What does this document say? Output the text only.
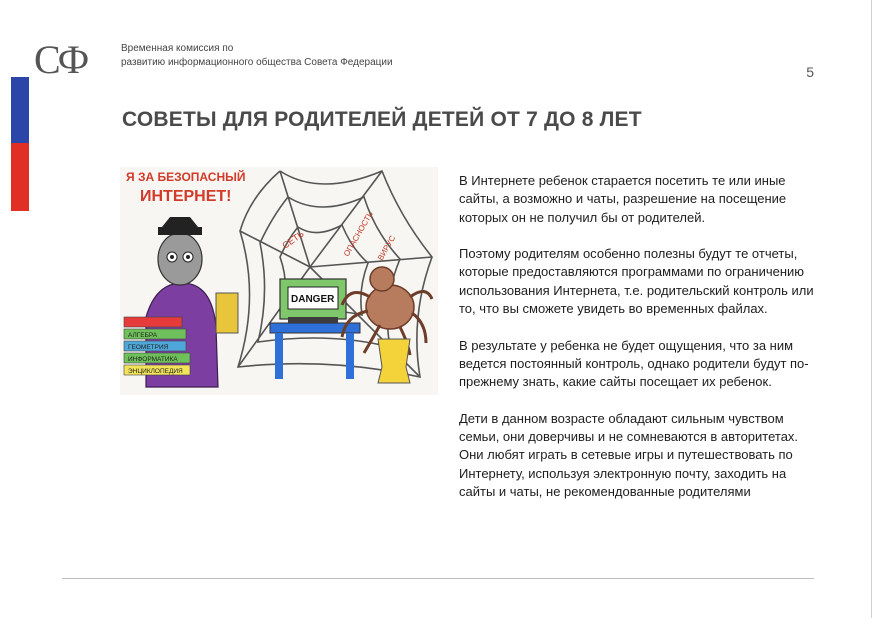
СФ	Временная комиссия по
развитию информационного общества Совета Федерации
5
СОВЕТЫ ДЛЯ РОДИТЕЛЕЙ ДЕТЕЙ ОТ 7 ДО 8 ЛЕТ
Я ЗА БЕЗОПАСНЫЙ
ИНТЕРНЕТ!
СЕТЬ	ОПАСНОСТЬ ВИРУС
DANGER
АЛГЕБРА
ГЕОМЕТРИЯ
ИНФОРМАТИКА
ЭНЦИКЛОПЕДИЯ

В Интернете ребенок старается посетить те или иные сайты, а возможно и чаты, разрешение на посещение которых он не получил бы от родителей.

Поэтому родителям особенно полезны будут те отчеты, которые предоставляются программами по ограничению использования Интернета, т.е. родительский контроль или то, что вы сможете увидеть во временных файлах.

В результате у ребенка не будет ощущения, что за ним ведется постоянный контроль, однако родители будут по-прежнему знать, какие сайты посещает их ребенок.

Дети в данном возрасте обладают сильным чувством семьи, они доверчивы и не сомневаются в авторитетах. Они любят играть в сетевые игры и путешествовать по Интернету, используя электронную почту, заходить на сайты и чаты, не рекомендованные родителями
